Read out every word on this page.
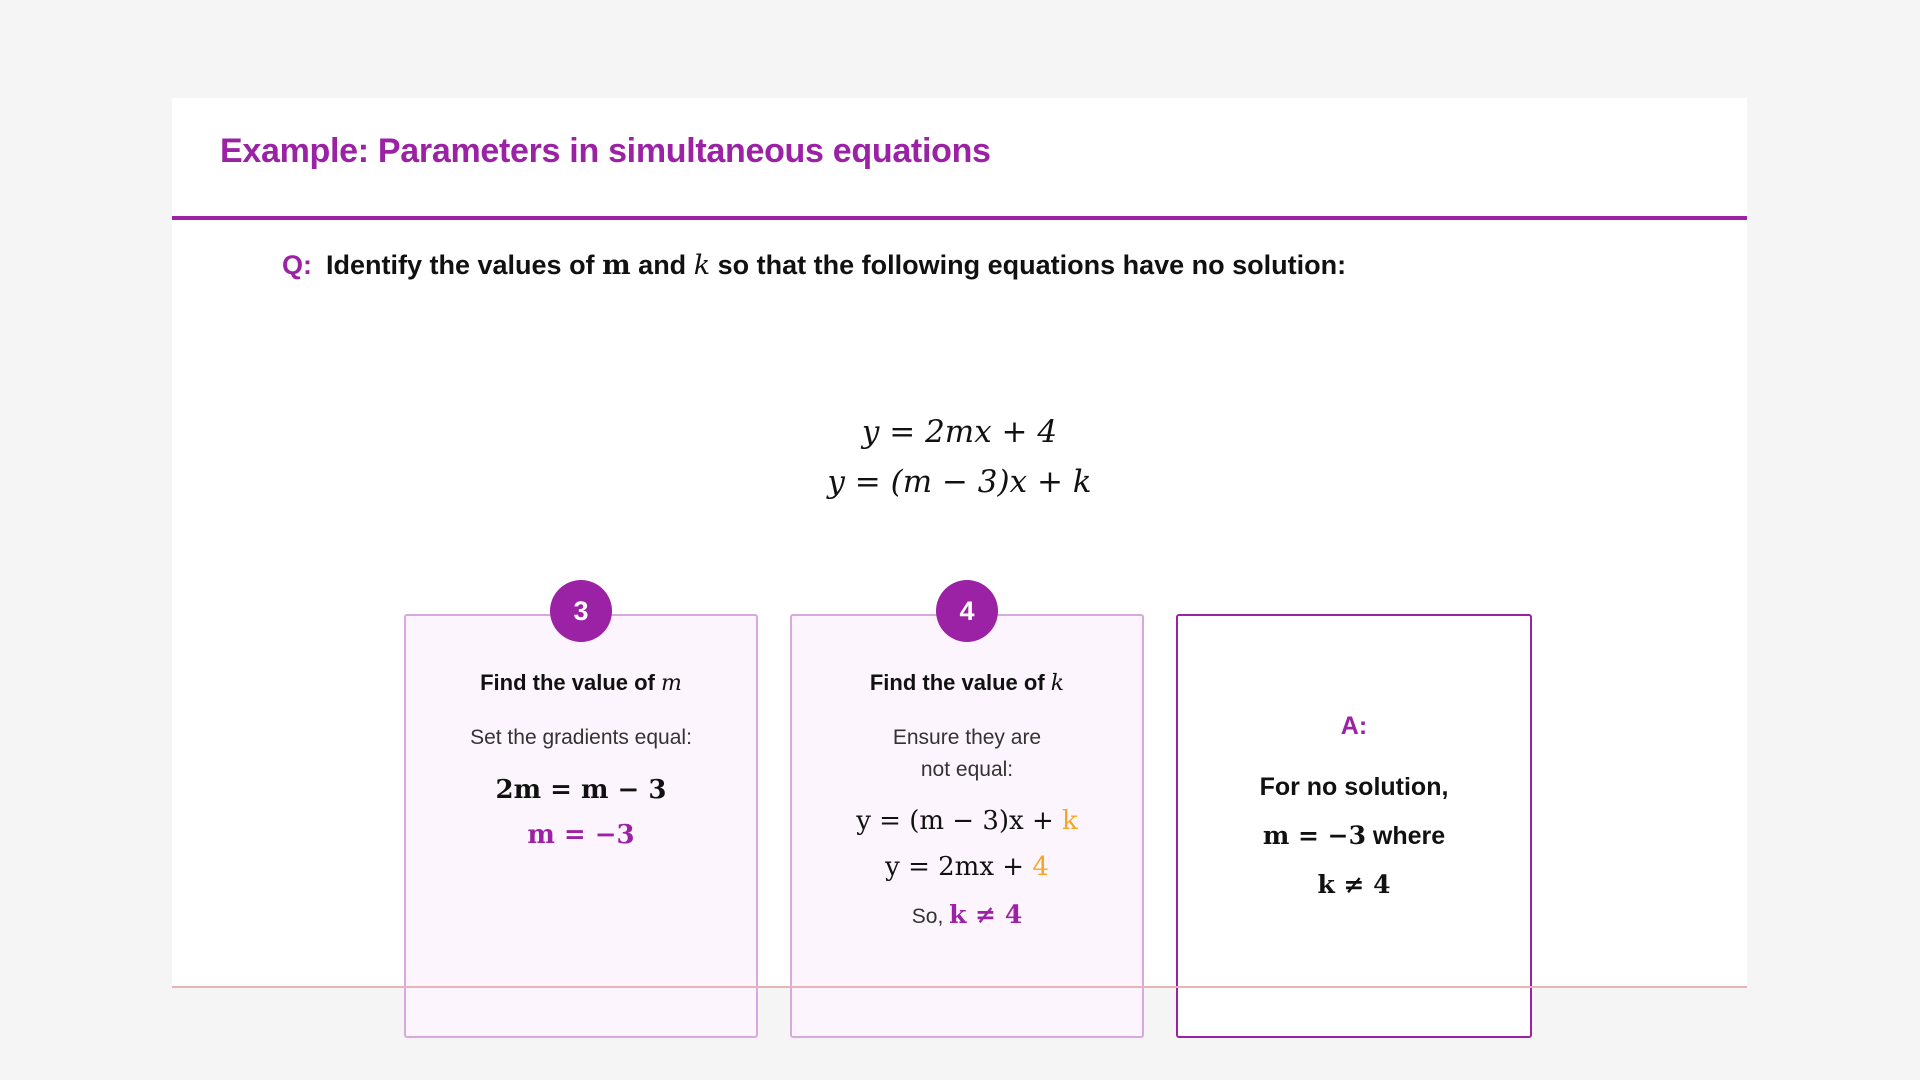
Example: Parameters in simultaneous equations
Q: Identify the values of m and k so that the following equations have no solution:
y = 2mx + 4
y = (m − 3)x + k
3
Find the value of m
Set the gradients equal:
2m = m − 3
m = −3
4
Find the value of k
Ensure they are
not equal:
y = (m − 3)x + k
y = 2mx + 4
So, k ≠ 4
A:
For no solution,
m = −3 where
k ≠ 4
